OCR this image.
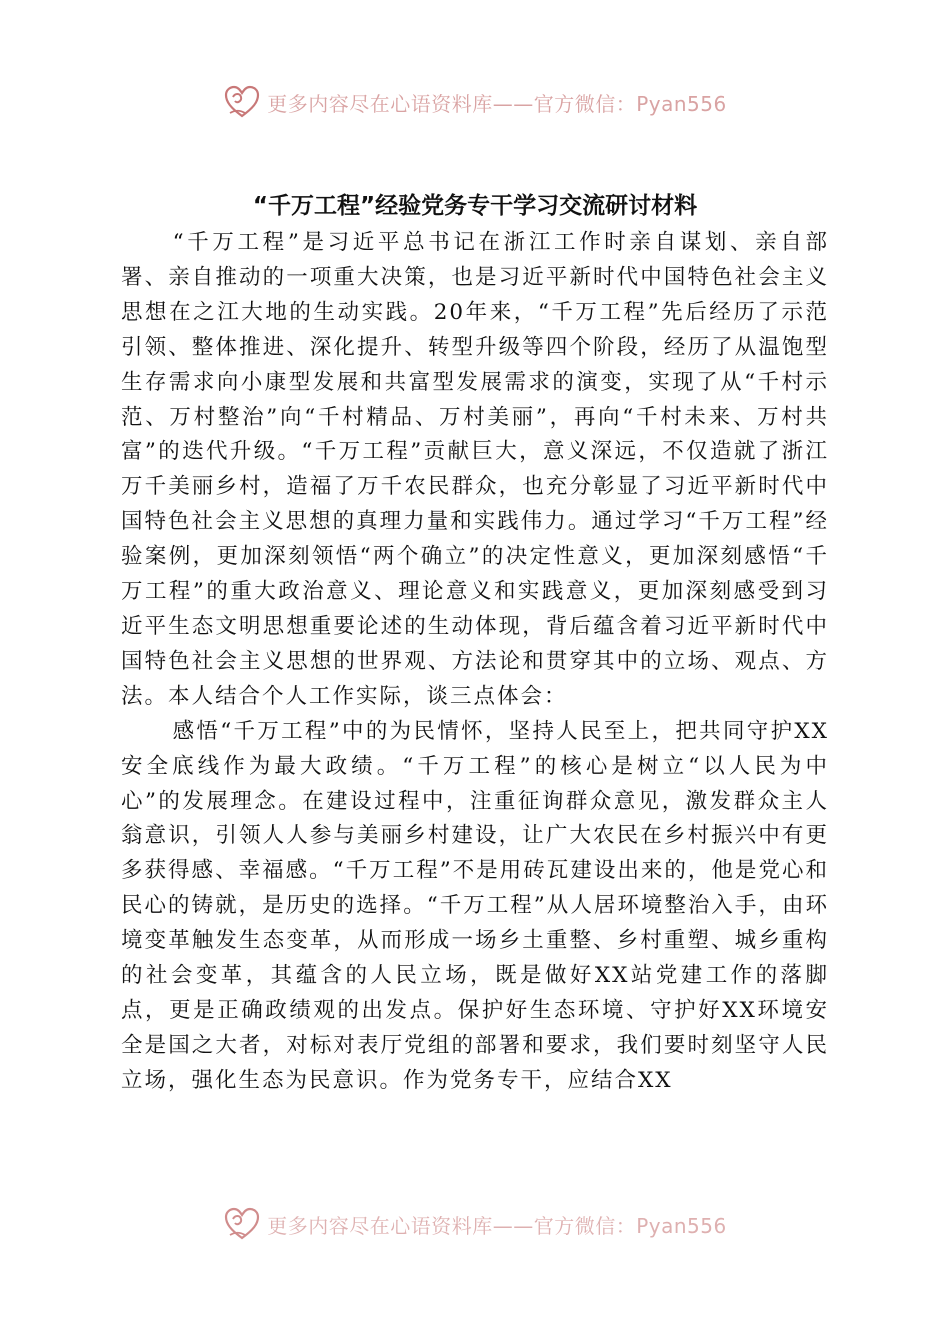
更多内容尽在心语资料库——官方微信：Pyan556
“千万工程”经验党务专干学习交流研讨材料

“千万工程”是习近平总书记在浙江工作时亲自谋划、亲自部署、亲自推动的一项重大决策，也是习近平新时代中国特色社会主义思想在之江大地的生动实践。20年来，“千万工程”先后经历了示范引领、整体推进、深化提升、转型升级等四个阶段，经历了从温饱型生存需求向小康型发展和共富型发展需求的演变，实现了从“千村示范、万村整治”向“千村精品、万村美丽”，再向“千村未来、万村共富”的迭代升级。“千万工程”贡献巨大，意义深远，不仅造就了浙江万千美丽乡村，造福了万千农民群众，也充分彰显了习近平新时代中国特色社会主义思想的真理力量和实践伟力。通过学习“千万工程”经验案例，更加深刻领悟“两个确立”的决定性意义，更加深刻感悟“千万工程”的重大政治意义、理论意义和实践意义，更加深刻感受到习近平生态文明思想重要论述的生动体现，背后蕴含着习近平新时代中国特色社会主义思想的世界观、方法论和贯穿其中的立场、观点、方法。本人结合个人工作实际，谈三点体会：

感悟“千万工程”中的为民情怀，坚持人民至上，把共同守护XX安全底线作为最大政绩。“千万工程”的核心是树立“以人民为中心”的发展理念。在建设过程中，注重征询群众意见，激发群众主人翁意识，引领人人参与美丽乡村建设，让广大农民在乡村振兴中有更多获得感、幸福感。“千万工程”不是用砖瓦建设出来的，他是党心和民心的铸就，是历史的选择。“千万工程”从人居环境整治入手，由环境变革触发生态变革，从而形成一场乡土重整、乡村重塑、城乡重构的社会变革，其蕴含的人民立场，既是做好XX站党建工作的落脚点，更是正确政绩观的出发点。保护好生态环境、守护好XX环境安全是国之大者，对标对表厅党组的部署和要求，我们要时刻坚守人民立场，强化生态为民意识。作为党务专干，应结合XX

更多内容尽在心语资料库——官方微信：Pyan556
